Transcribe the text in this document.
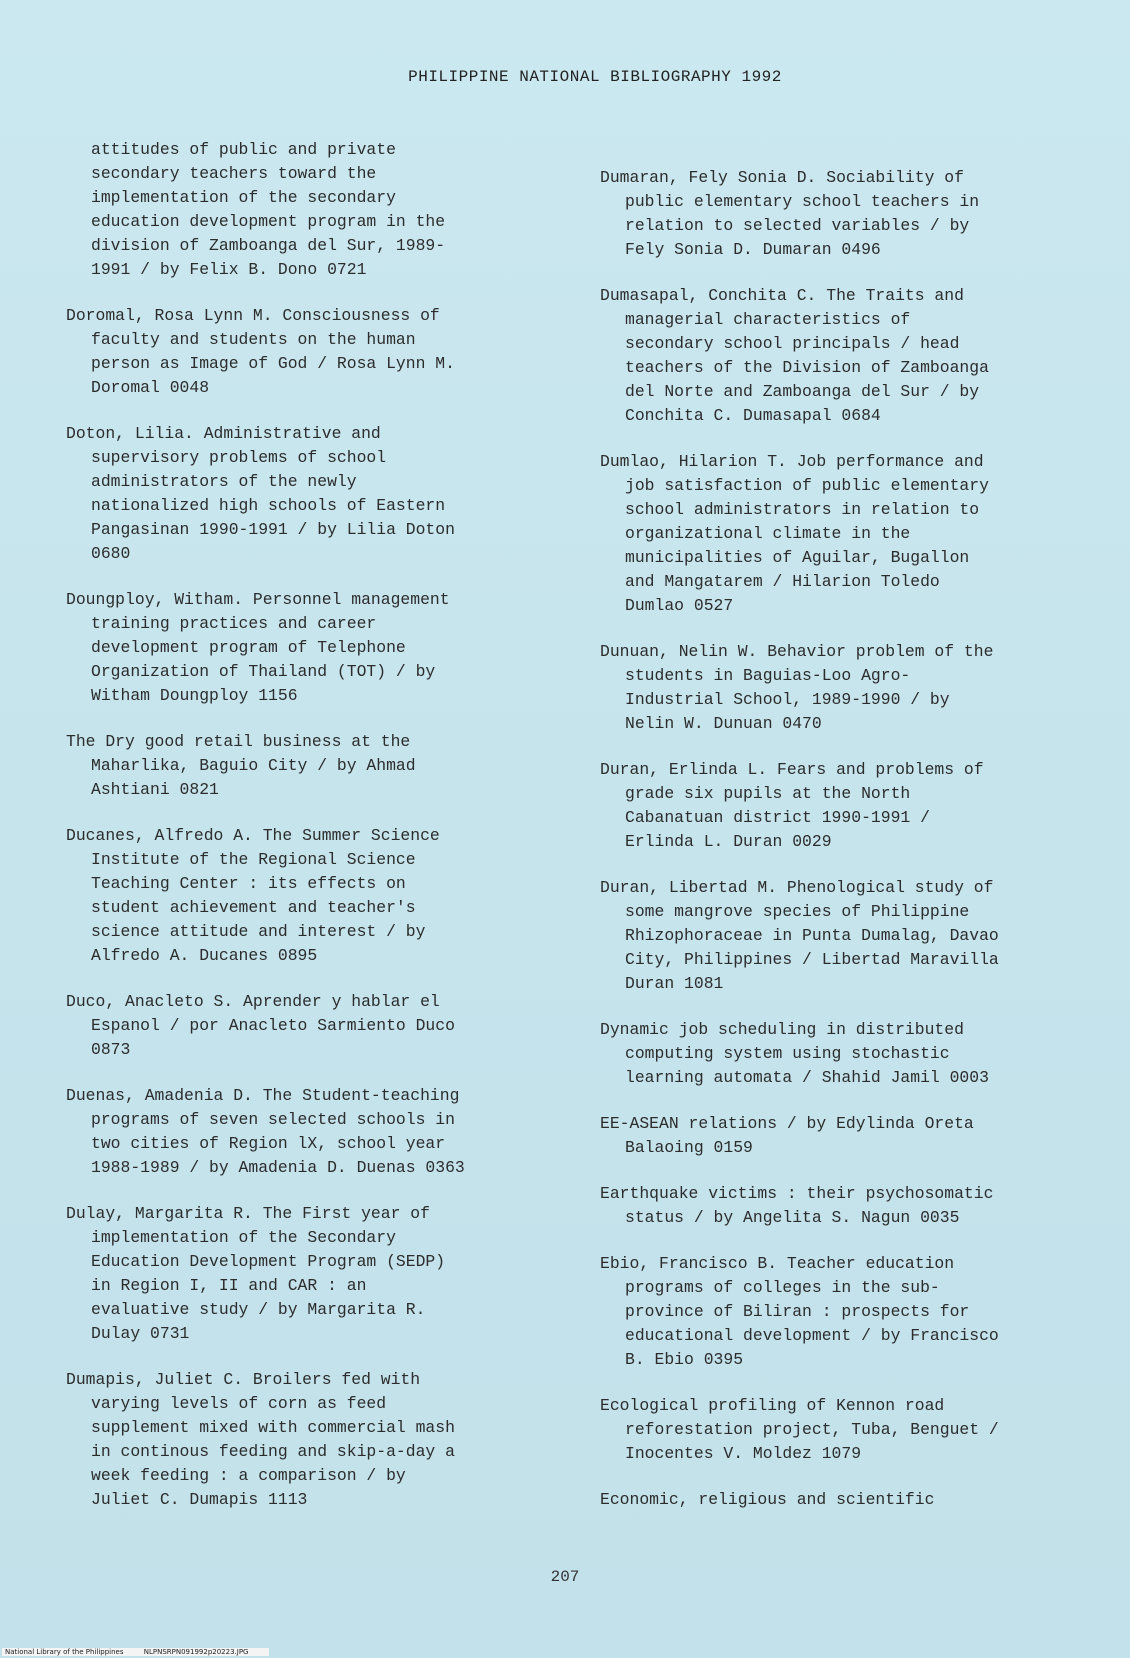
PHILIPPINE NATIONAL BIBLIOGRAPHY 1992

attitudes of public and private
secondary teachers toward the
implementation of the secondary
education development program in the
division of Zamboanga del Sur, 1989-
1991 / by Felix B. Dono 0721

Doromal, Rosa Lynn M. Consciousness of
faculty and students on the human
person as Image of God / Rosa Lynn M.
Doromal 0048

Doton, Lilia. Administrative and
supervisory problems of school
administrators of the newly
nationalized high schools of Eastern
Pangasinan 1990-1991 / by Lilia Doton
0680

Doungploy, Witham. Personnel management
training practices and career
development program of Telephone
Organization of Thailand (TOT) / by
Witham Doungploy 1156

The Dry good retail business at the
Maharlika, Baguio City / by Ahmad
Ashtiani 0821

Ducanes, Alfredo A. The Summer Science
Institute of the Regional Science
Teaching Center : its effects on
student achievement and teacher's
science attitude and interest / by
Alfredo A. Ducanes 0895

Duco, Anacleto S. Aprender y hablar el
Espanol / por Anacleto Sarmiento Duco
0873

Duenas, Amadenia D. The Student-teaching
programs of seven selected schools in
two cities of Region lX, school year
1988-1989 / by Amadenia D. Duenas 0363

Dulay, Margarita R. The First year of
implementation of the Secondary
Education Development Program (SEDP)
in Region I, II and CAR : an
evaluative study / by Margarita R.
Dulay 0731

Dumapis, Juliet C. Broilers fed with
varying levels of corn as feed
supplement mixed with commercial mash
in continous feeding and skip-a-day a
week feeding : a comparison / by
Juliet C. Dumapis 1113

Dumaran, Fely Sonia D. Sociability of
public elementary school teachers in
relation to selected variables / by
Fely Sonia D. Dumaran 0496

Dumasapal, Conchita C. The Traits and
managerial characteristics of
secondary school principals / head
teachers of the Division of Zamboanga
del Norte and Zamboanga del Sur / by
Conchita C. Dumasapal 0684

Dumlao, Hilarion T. Job performance and
job satisfaction of public elementary
school administrators in relation to
organizational climate in the
municipalities of Aguilar, Bugallon
and Mangatarem / Hilarion Toledo
Dumlao 0527

Dunuan, Nelin W. Behavior problem of the
students in Baguias-Loo Agro-
Industrial School, 1989-1990 / by
Nelin W. Dunuan 0470

Duran, Erlinda L. Fears and problems of
grade six pupils at the North
Cabanatuan district 1990-1991 /
Erlinda L. Duran 0029

Duran, Libertad M. Phenological study of
some mangrove species of Philippine
Rhizophoraceae in Punta Dumalag, Davao
City, Philippines / Libertad Maravilla
Duran 1081

Dynamic job scheduling in distributed
computing system using stochastic
learning automata / Shahid Jamil 0003

EE-ASEAN relations / by Edylinda Oreta
Balaoing 0159

Earthquake victims : their psychosomatic
status / by Angelita S. Nagun 0035

Ebio, Francisco B. Teacher education
programs of colleges in the sub-
province of Biliran : prospects for
educational development / by Francisco
B. Ebio 0395

Ecological profiling of Kennon road
reforestation project, Tuba, Benguet /
Inocentes V. Moldez 1079

Economic, religious and scientific

207
National Library of the Philippines	NLPNSRPN091992p20223.JPG
